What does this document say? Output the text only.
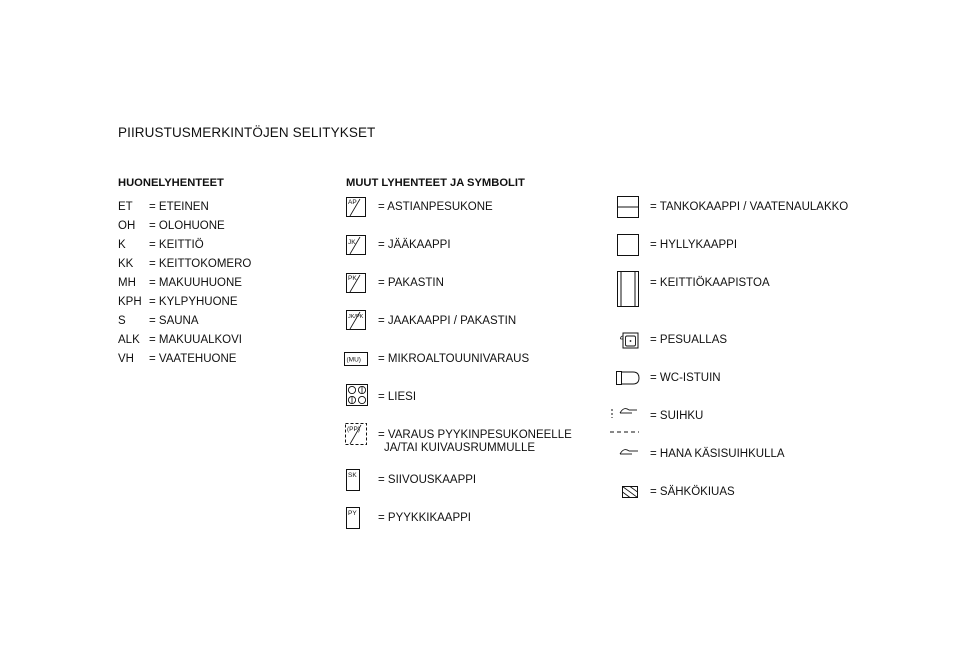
PIIRUSTUSMERKINTÖJEN SELITYKSET
HUONELYHENTEET
ET = ETEINEN
OH = OLOHUONE
K = KEITTIÖ
KK = KEITTOKOMERO
MH = MAKUUHUONE
KPH = KYLPYHUONE
S = SAUNA
ALK = MAKUUALKOVI
VH = VAATEHUONE
MUUT LYHENTEET JA SYMBOLIT
AP = ASTIANPESUKONE
JK = JÄÄKAAPPI
PK = PAKASTIN
JK/PK = JAAKAAPPI / PAKASTIN
(MU) = MIKROALTOUUNIVARAUS
= LIESI
(PP) = VARAUS PYYKINPESUKONEELLE
JA/TAI KUIVAUSRUMMULLE
SK = SIIVOUSKAAPPI
PY = PYYKKIKAAPPI
= TANKOKAAPPI / VAATENAULAKKO
= HYLLYKAAPPI
= KEITTIÖKAAPISTOA
= PESUALLAS
= WC-ISTUIN
= SUIHKU
= HANA KÄSISUIHKULLA
= SÄHKÖKIUAS
